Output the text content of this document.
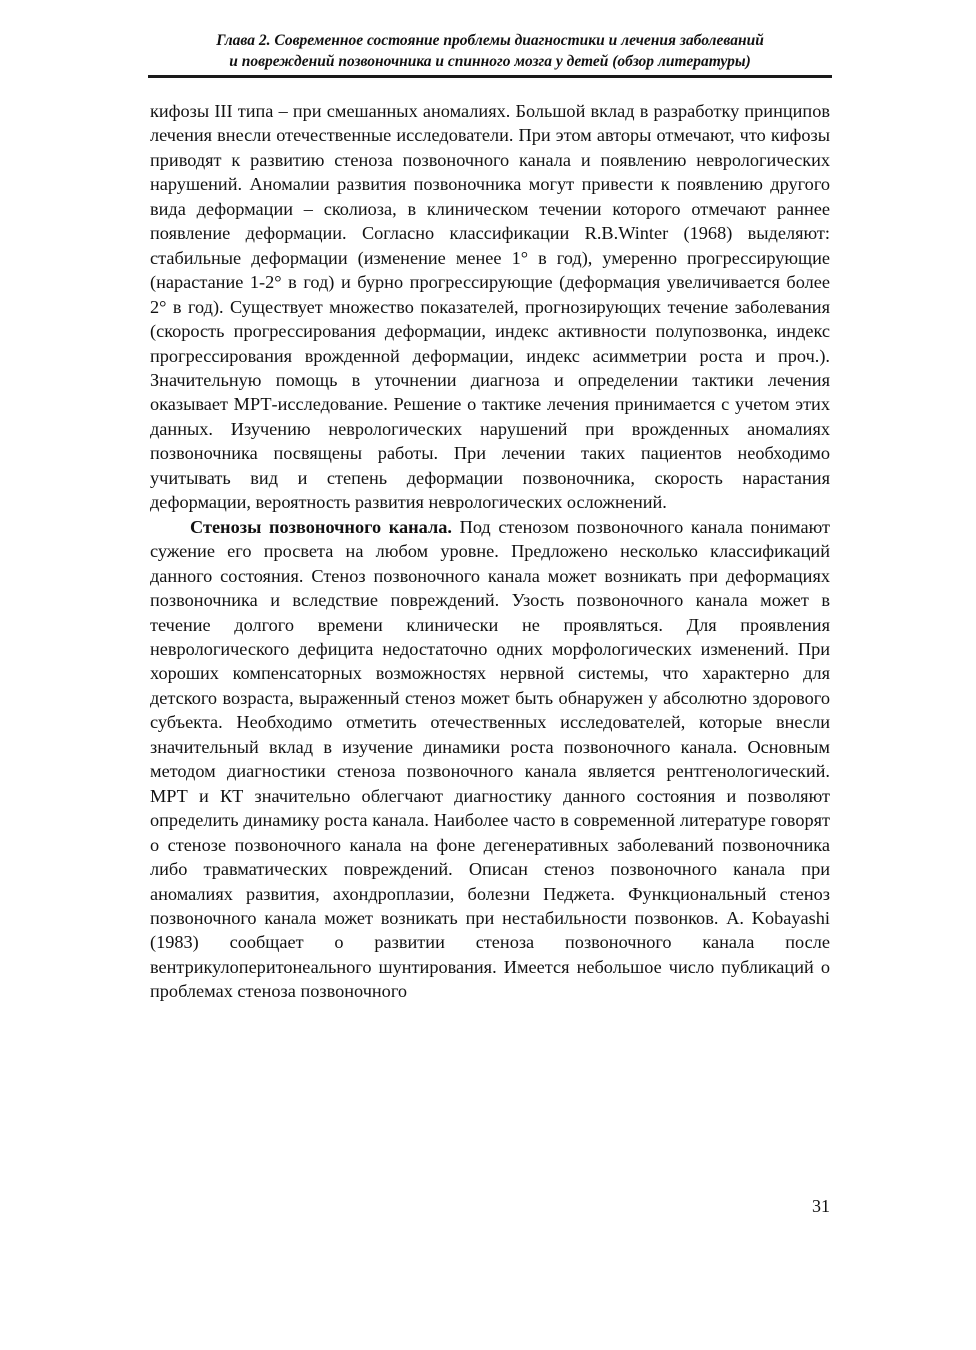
Глава 2. Современное состояние проблемы диагностики и лечения заболеваний
и повреждений позвоночника и спинного мозга у детей (обзор литературы)

кифозы III типа – при смешанных аномалиях. Большой вклад в разработку принципов лечения внесли отечественные исследователи. При этом авторы отмечают, что кифозы приводят к развитию стеноза позвоночного канала и появлению неврологических нарушений. Аномалии развития позвоночника могут привести к появлению другого вида деформации – сколиоза, в клиническом течении которого отмечают раннее появление деформации. Согласно классификации R.B.Winter (1968) выделяют: стабильные деформации (изменение менее 1° в год), умеренно прогрессирующие (нарастание 1-2° в год) и бурно прогрессирующие (деформация увеличивается более 2° в год). Существует множество показателей, прогнозирующих течение заболевания (скорость прогрессирования деформации, индекс активности полупозвонка, индекс прогрессирования врожденной деформации, индекс асимметрии роста и проч.). Значительную помощь в уточнении диагноза и определении тактики лечения оказывает МРТ-исследование. Решение о тактике лечения принимается с учетом этих данных. Изучению неврологических нарушений при врожденных аномалиях позвоночника посвящены работы. При лечении таких пациентов необходимо учитывать вид и степень деформации позвоночника, скорость нарастания деформации, вероятность развития неврологических осложнений.

Стенозы позвоночного канала. Под стенозом позвоночного канала понимают сужение его просвета на любом уровне. Предложено несколько классификаций данного состояния. Стеноз позвоночного канала может возникать при деформациях позвоночника и вследствие повреждений. Узость позвоночного канала может в течение долгого времени клинически не проявляться. Для проявления неврологического дефицита недостаточно одних морфологических изменений. При хороших компенсаторных возможностях нервной системы, что характерно для детского возраста, выраженный стеноз может быть обнаружен у абсолютно здорового субъекта. Необходимо отметить отечественных исследователей, которые внесли значительный вклад в изучение динамики роста позвоночного канала. Основным методом диагностики стеноза позвоночного канала является рентгенологический. МРТ и КТ значительно облегчают диагностику данного состояния и позволяют определить динамику роста канала. Наиболее часто в современной литературе говорят о стенозе позвоночного канала на фоне дегенеративных заболеваний позвоночника либо травматических повреждений. Описан стеноз позвоночного канала при аномалиях развития, ахондроплазии, болезни Педжета. Функциональный стеноз позвоночного канала может возникать при нестабильности позвонков. A. Kobayashi (1983) сообщает о развитии стеноза позвоночного канала после вентрикулоперитонеального шунтирования. Имеется небольшое число публикаций о проблемах стеноза позвоночного

31
